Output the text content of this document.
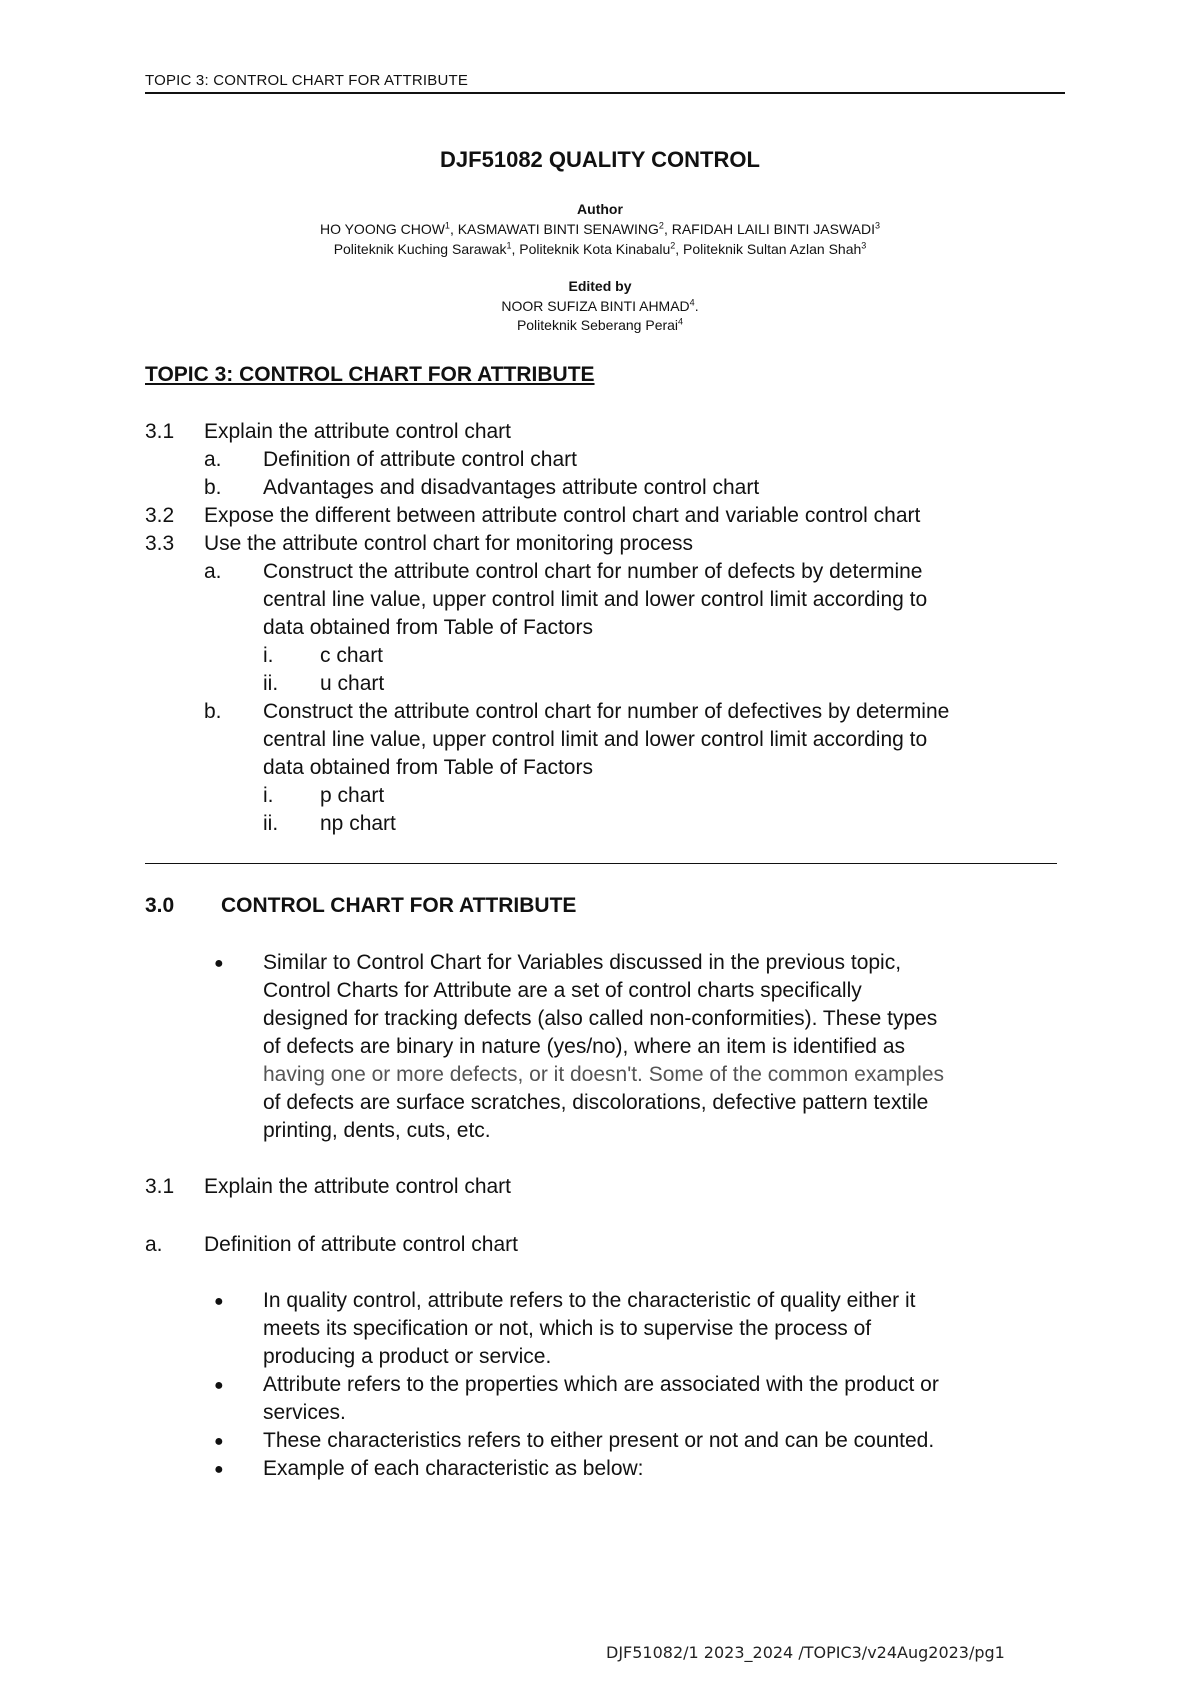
TOPIC 3: CONTROL CHART FOR ATTRIBUTE
DJF51082 QUALITY CONTROL
Author
HO YOONG CHOW$^1$, KASMAWATI BINTI SENAWING$^2$, RAFIDAH LAILI BINTI JASWADI$^3$
Politeknik Kuching Sarawak$^1$, Politeknik Kota Kinabalu$^2$, Politeknik Sultan Azlan Shah$^3$
Edited by
NOOR SUFIZA BINTI AHMAD$^4$.
Politeknik Seberang Perai$^4$
TOPIC 3: CONTROL CHART FOR ATTRIBUTE
3.1 Explain the attribute control chart
a. Definition of attribute control chart
b. Advantages and disadvantages attribute control chart
3.2 Expose the different between attribute control chart and variable control chart
3.3 Use the attribute control chart for monitoring process
a. Construct the attribute control chart for number of defects by determine
central line value, upper control limit and lower control limit according to
data obtained from Table of Factors
i. c chart
ii. u chart
b. Construct the attribute control chart for number of defectives by determine
central line value, upper control limit and lower control limit according to
data obtained from Table of Factors
i. p chart
ii. np chart
3.0 CONTROL CHART FOR ATTRIBUTE
● Similar to Control Chart for Variables discussed in the previous topic,
Control Charts for Attribute are a set of control charts specifically
designed for tracking defects (also called non-conformities). These types
of defects are binary in nature (yes/no), where an item is identified as
having one or more defects, or it doesn't. Some of the common examples
of defects are surface scratches, discolorations, defective pattern textile
printing, dents, cuts, etc.
3.1 Explain the attribute control chart
a. Definition of attribute control chart
● In quality control, attribute refers to the characteristic of quality either it
meets its specification or not, which is to supervise the process of
producing a product or service.
● Attribute refers to the properties which are associated with the product or
services.
● These characteristics refers to either present or not and can be counted.
● Example of each characteristic as below:
DJF51082/1 2023_2024 /TOPIC3/v24Aug2023/pg1
